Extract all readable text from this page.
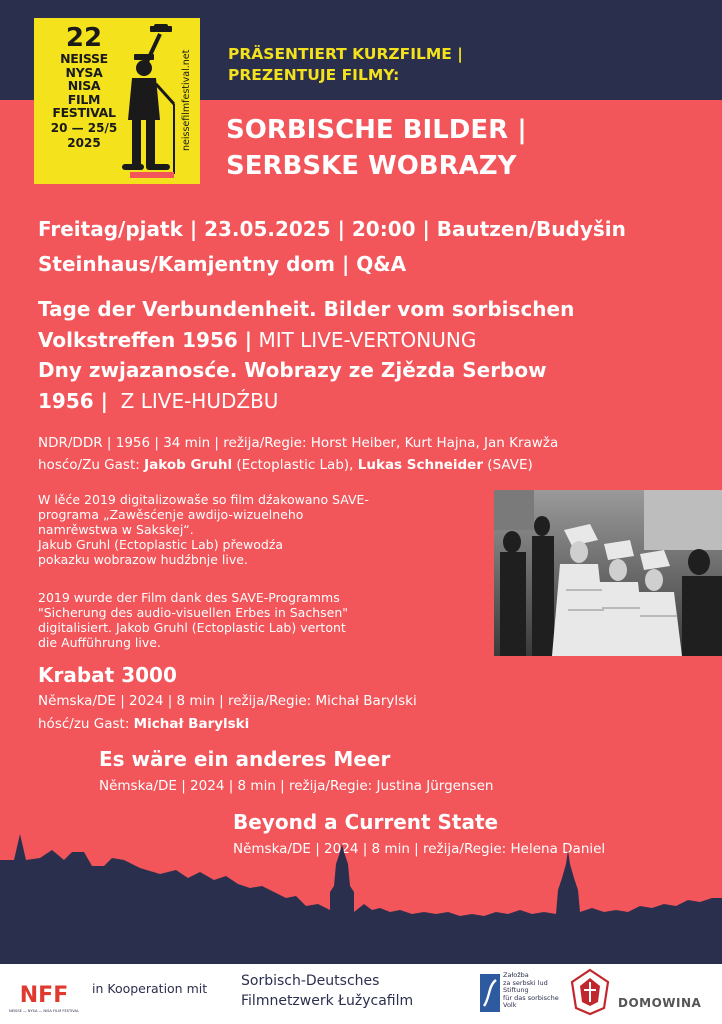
22
NEISSE
NYSA
NISA
FILM
FESTIVAL
20 — 25/5
2025	neissefilmfestival.net PRÄSENTIERT KURZFILME |
PREZENTUJE FILMY:
SORBISCHE BILDER |
SERBSKE WOBRAZY
Freitag/pjatk | 23.05.2025 | 20:00 | Bautzen/Budyšin
Steinhaus/Kamjentny dom | Q&A
Tage der Verbundenheit. Bilder vom sorbischen
Volkstreffen 1956 | MIT LIVE-VERTONUNG
Dny zwjazanosće. Wobrazy ze Zjězda Serbow
1956 | Z LIVE-HUDŹBU
NDR/DDR | 1956 | 34 min | režija/Regie: Horst Heiber, Kurt Hajna, Jan Krawža
hosćo/Zu Gast: Jakob Gruhl (Ectoplastic Lab), Lukas Schneider (SAVE)
W lěće 2019 digitalizowaše so film dźakowano SAVE-
programa „Zawěsćenje awdijo-wizuelneho
namrěwstwa w Sakskej“.
Jakub Gruhl (Ectoplastic Lab) přewodźa
pokazku wobrazow hudźbnje live.
2019 wurde der Film dank des SAVE-Programms
"Sicherung des audio-visuellen Erbes in Sachsen"
digitalisiert. Jakob Gruhl (Ectoplastic Lab) vertont
die Aufführung live.
Krabat 3000
Němska/DE | 2024 | 8 min | režija/Regie: Michał Barylski
hósć/zu Gast: Michał Barylski
Es wäre ein anderes Meer
Němska/DE | 2024 | 8 min | režija/Regie: Justina Jürgensen
Beyond a Current State
Němska/DE | 2024 | 8 min | režija/Regie: Helena Daniel
NFF
NEISSE — NYSA — NISA FILM FESTIVAL
in Kooperation mit Sorbisch-Deutsches
Filmnetzwerk Łužycafilm
Załožba
za serbski lud
Stiftung
für das sorbische
Volk	DOMOWINA
